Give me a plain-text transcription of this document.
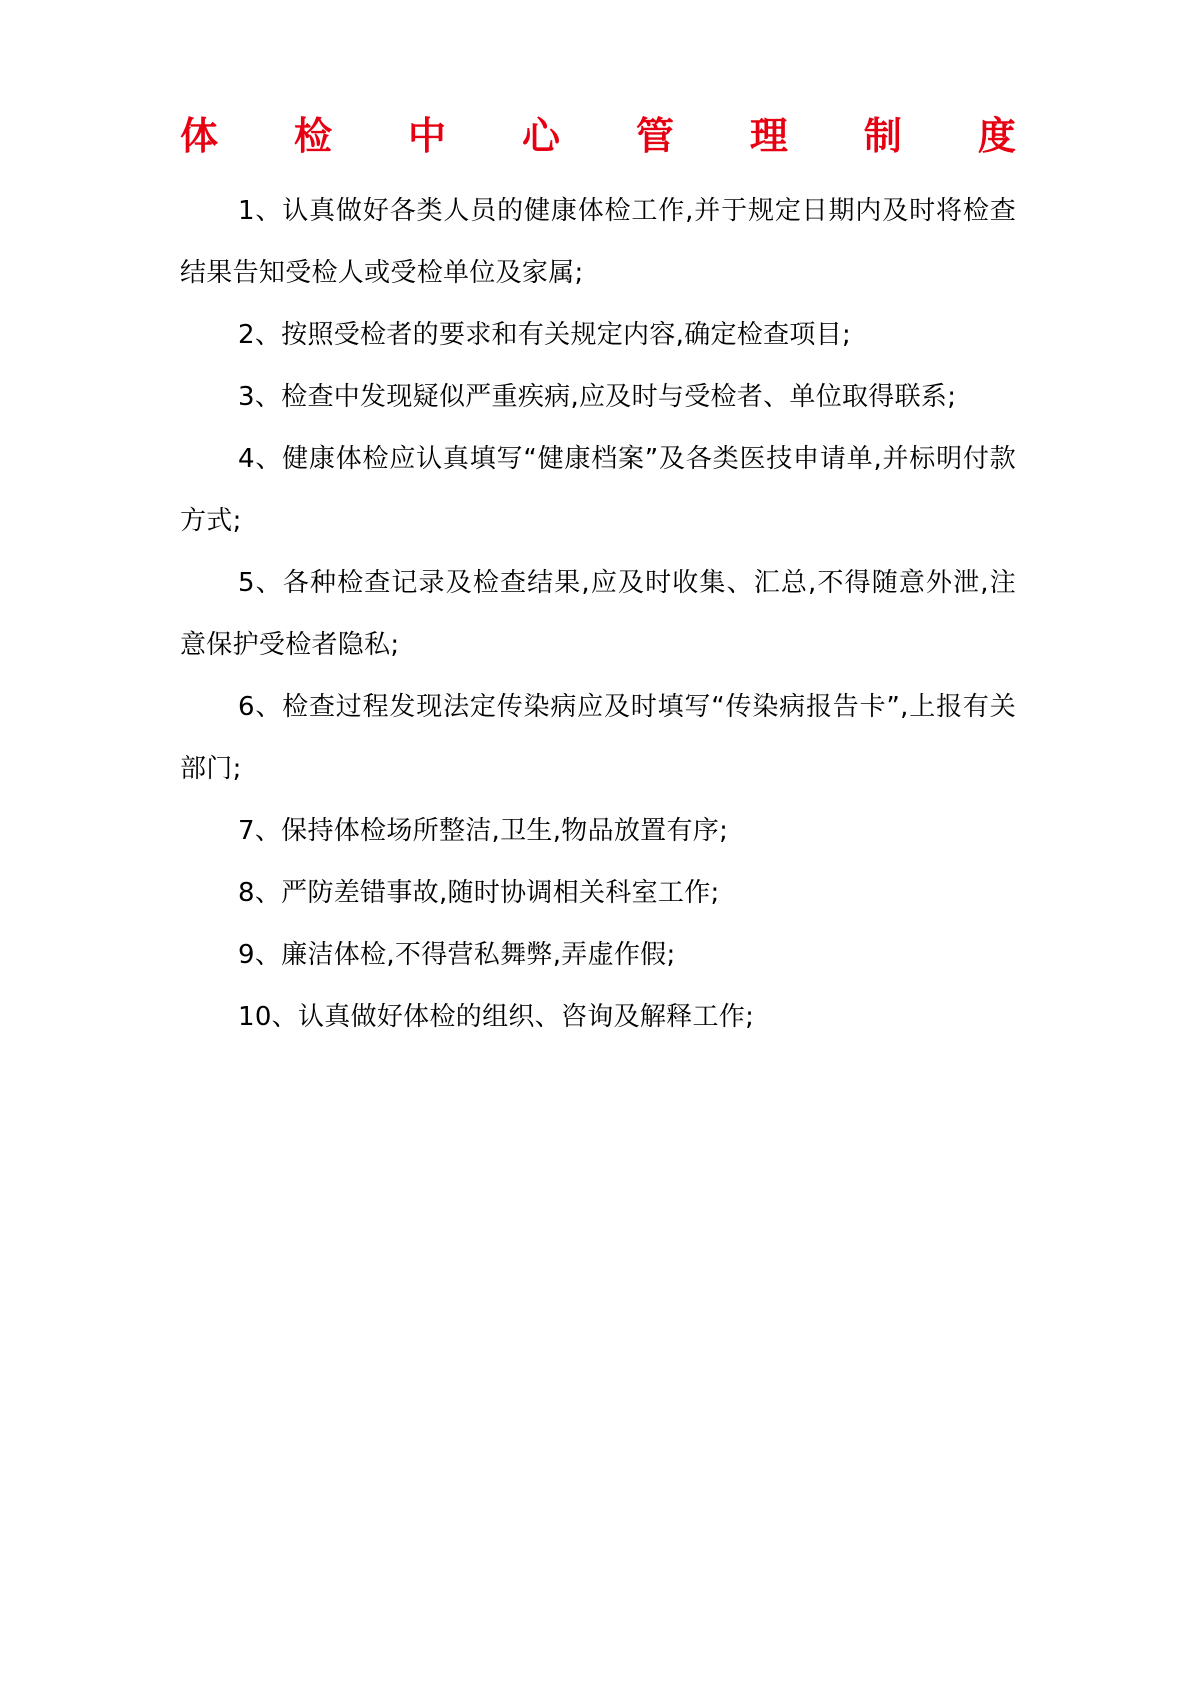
体 检 中 心 管 理 制 度

1、认真做好各类人员的健康体检工作,并于规定日期内及时将检查结果告知受检人或受检单位及家属;

2、按照受检者的要求和有关规定内容,确定检查项目;

3、检查中发现疑似严重疾病,应及时与受检者、单位取得联系;

4、健康体检应认真填写“健康档案”及各类医技申请单,并标明付款方式;

5、各种检查记录及检查结果,应及时收集、汇总,不得随意外泄,注意保护受检者隐私;

6、检查过程发现法定传染病应及时填写“传染病报告卡”,上报有关部门;

7、保持体检场所整洁,卫生,物品放置有序;

8、严防差错事故,随时协调相关科室工作;

9、廉洁体检,不得营私舞弊,弄虚作假;

10、认真做好体检的组织、咨询及解释工作;
